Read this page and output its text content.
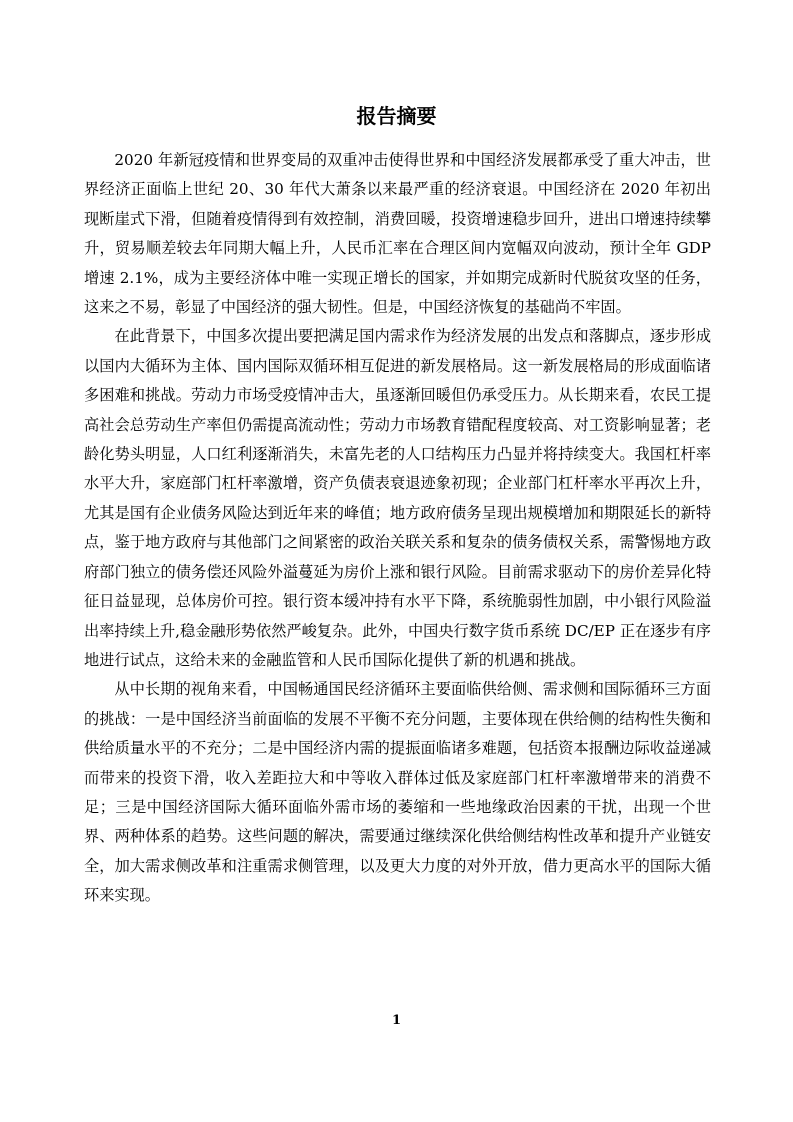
报告摘要

2020 年新冠疫情和世界变局的双重冲击使得世界和中国经济发展都承受了重大冲击，世界经济正面临上世纪 20、30 年代大萧条以来最严重的经济衰退。中国经济在 2020 年初出现断崖式下滑，但随着疫情得到有效控制，消费回暖，投资增速稳步回升，进出口增速持续攀升，贸易顺差较去年同期大幅上升，人民币汇率在合理区间内宽幅双向波动，预计全年 GDP 增速 2.1%，成为主要经济体中唯一实现正增长的国家，并如期完成新时代脱贫攻坚的任务，这来之不易，彰显了中国经济的强大韧性。但是，中国经济恢复的基础尚不牢固。

在此背景下，中国多次提出要把满足国内需求作为经济发展的出发点和落脚点，逐步形成以国内大循环为主体、国内国际双循环相互促进的新发展格局。这一新发展格局的形成面临诸多困难和挑战。劳动力市场受疫情冲击大，虽逐渐回暖但仍承受压力。从长期来看，农民工提高社会总劳动生产率但仍需提高流动性；劳动力市场教育错配程度较高、对工资影响显著；老龄化势头明显，人口红利逐渐消失，未富先老的人口结构压力凸显并将持续变大。我国杠杆率水平大升，家庭部门杠杆率激增，资产负债表衰退迹象初现；企业部门杠杆率水平再次上升，尤其是国有企业债务风险达到近年来的峰值；地方政府债务呈现出规模增加和期限延长的新特点，鉴于地方政府与其他部门之间紧密的政治关联关系和复杂的债务债权关系，需警惕地方政府部门独立的债务偿还风险外溢蔓延为房价上涨和银行风险。目前需求驱动下的房价差异化特征日益显现，总体房价可控。银行资本缓冲持有水平下降，系统脆弱性加剧，中小银行风险溢出率持续上升,稳金融形势依然严峻复杂。此外，中国央行数字货币系统 DC/EP 正在逐步有序地进行试点，这给未来的金融监管和人民币国际化提供了新的机遇和挑战。

从中长期的视角来看，中国畅通国民经济循环主要面临供给侧、需求侧和国际循环三方面的挑战：一是中国经济当前面临的发展不平衡不充分问题，主要体现在供给侧的结构性失衡和供给质量水平的不充分；二是中国经济内需的提振面临诸多难题，包括资本报酬边际收益递减而带来的投资下滑，收入差距拉大和中等收入群体过低及家庭部门杠杆率激增带来的消费不足；三是中国经济国际大循环面临外需市场的萎缩和一些地缘政治因素的干扰，出现一个世界、两种体系的趋势。这些问题的解决，需要通过继续深化供给侧结构性改革和提升产业链安全，加大需求侧改革和注重需求侧管理，以及更大力度的对外开放，借力更高水平的国际大循环来实现。

1
